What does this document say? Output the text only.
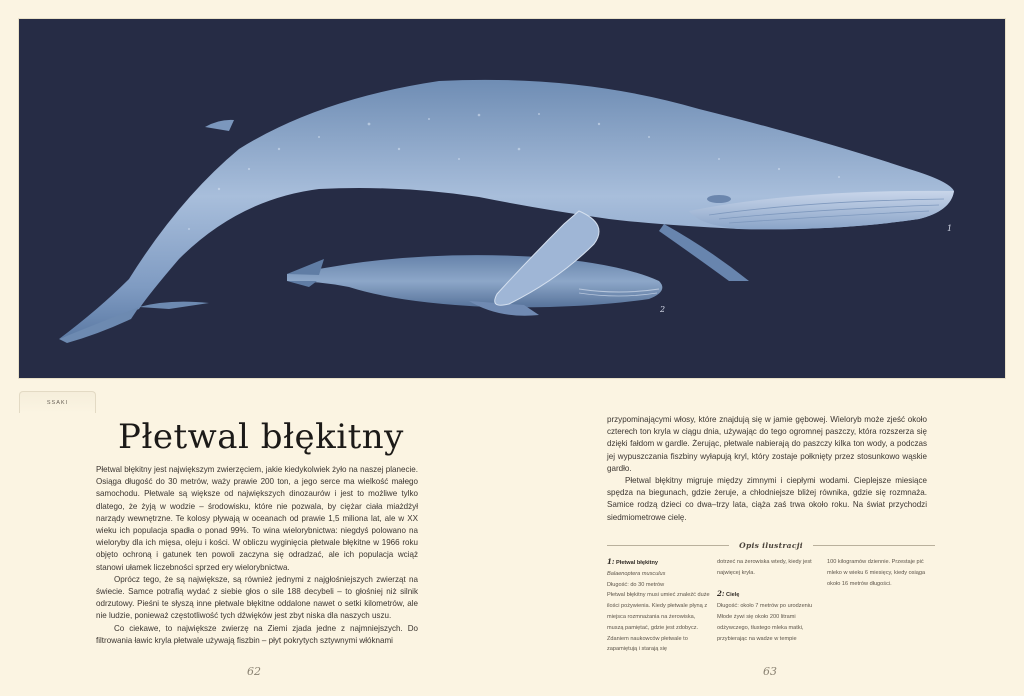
1
2
SSAKI
Płetwal błękitny

Płetwal błękitny jest największym zwierzęciem, jakie kiedykolwiek żyło na naszej planecie. Osiąga długość do 30 metrów, waży prawie 200 ton, a jego serce ma wielkość małego samochodu. Płetwale są większe od największych dinozaurów i jest to możliwe tylko dlatego, że żyją w wodzie – środowisku, które nie pozwala, by ciężar ciała miażdżył narządy wewnętrzne. Te kolosy pływają w oceanach od prawie 1,5 miliona lat, ale w XX wieku ich populacja spadła o ponad 99%. To wina wielorybnictwa: niegdyś polowano na wieloryby dla ich mięsa, oleju i kości. W obliczu wyginięcia płetwale błękitne w 1966 roku objęto ochroną i gatunek ten powoli zaczyna się odradzać, ale ich populacja wciąż stanowi ułamek liczebności sprzed ery wielorybnictwa.

Oprócz tego, że są największe, są również jednymi z najgłośniejszych zwierząt na świecie. Samce potrafią wydać z siebie głos o sile 188 decybeli – to głośniej niż silnik odrzutowy. Pieśni te słyszą inne płetwale błękitne oddalone nawet o setki kilometrów, ale nie ludzie, ponieważ częstotliwość tych dźwięków jest zbyt niska dla naszych uszu.

Co ciekawe, to największe zwierzę na Ziemi zjada jedne z najmniejszych. Do filtrowania ławic kryla płetwale używają fiszbin – płyt pokrytych sztywnymi włóknami

przypominającymi włosy, które znajdują się w jamie gębowej. Wieloryb może zjeść około czterech ton kryla w ciągu dnia, używając do tego ogromnej paszczy, która rozszerza się dzięki fałdom w gardle. Żerując, płetwale nabierają do paszczy kilka ton wody, a podczas jej wypuszczania fiszbiny wyłapują kryl, który zostaje połknięty przez stosunkowo wąskie gardło.

Płetwal błękitny migruje między zimnymi i ciepłymi wodami. Cieplejsze miesiące spędza na biegunach, gdzie żeruje, a chłodniejsze bliżej równika, gdzie się rozmnaża. Samice rodzą dzieci co dwa–trzy lata, ciąża zaś trwa około roku. Na świat przychodzi siedmiometrowe cielę.

Opis ilustracji

1: Płetwal błękitny

Balaenoptera musculus

Długość: do 30 metrów

Płetwal błękitny musi umieć znaleźć duże ilości pożywienia. Kiedy płetwale płyną z miejsca rozmnażania na żerowiska, muszą pamiętać, gdzie jest zdobycz. Zdaniem naukowców płetwale to zapamiętują i starają się

dotrzeć na żerowiska wtedy, kiedy jest najwięcej kryla.

2: Cielę

Długość: około 7 metrów po urodzeniu

Młode żywi się około 200 litrami odżywczego, tłustego mleka matki, przybierając na wadze w tempie

100 kilogramów dziennie. Przestaje pić mleko w wieku 6 miesięcy, kiedy osiąga około 16 metrów długości.

62	63
